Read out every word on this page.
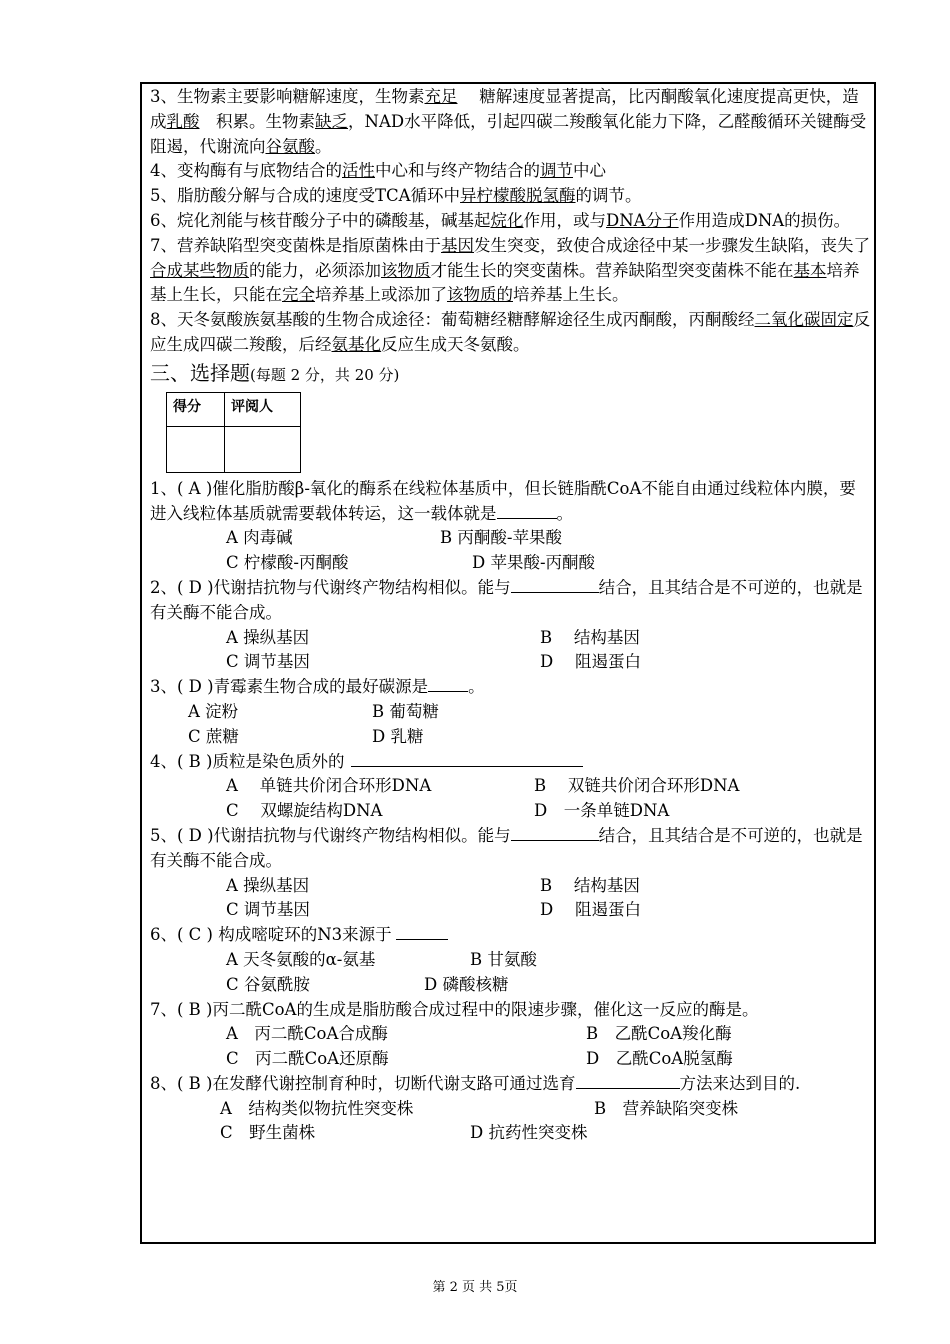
3、生物素主要影响糖解速度，生物素充足　 糖解速度显著提高，比丙酮酸氧化速度提高更快，造成乳酸　积累。生物素缺乏，NAD水平降低，引起四碳二羧酸氧化能力下降，乙醛酸循环关键酶受阻遏，代谢流向谷氨酸。

4、变构酶有与底物结合的活性中心和与终产物结合的调节中心

5、脂肪酸分解与合成的速度受TCA循环中异柠檬酸脱氢酶的调节。

6、烷化剂能与核苷酸分子中的磷酸基，碱基起烷化作用，或与DNA分子作用造成DNA的损伤。

7、营养缺陷型突变菌株是指原菌株由于基因发生突变，致使合成途径中某一步骤发生缺陷，丧失了合成某些物质的能力，必须添加该物质才能生长的突变菌株。营养缺陷型突变菌株不能在基本培养基上生长，只能在完全培养基上或添加了该物质的培养基上生长。

8、天冬氨酸族氨基酸的生物合成途径：葡萄糖经糖酵解途径生成丙酮酸，丙酮酸经二氧化碳固定反应生成四碳二羧酸，后经氨基化反应生成天冬氨酸。

三、选择题(每题 2 分，共 20 分)
得分	评阅人

1、( A )催化脂肪酸β-氧化的酶系在线粒体基质中，但长链脂酰CoA不能自由通过线粒体内膜，要进入线粒体基质就需要载体转运，这一载体就是	。

A 肉毒碱	B 丙酮酸-苹果酸
C 柠檬酸-丙酮酸	D 苹果酸-丙酮酸

2、( D )代谢拮抗物与代谢终产物结构相似。能与	结合，且其结合是不可逆的，也就是有关酶不能合成。

A 操纵基因	B　 结构基因
C 调节基因	D　 阻遏蛋白

3、( D )青霉素生物合成的最好碳源是 。

A 淀粉	B 葡萄糖
C 蔗糖	D 乳糖

4、( B )质粒是染色质外的

A　 单链共价闭合环形DNA	B　 双链共价闭合环形DNA
C　 双螺旋结构DNA	D　一条单链DNA

5、( D )代谢拮抗物与代谢终产物结构相似。能与	结合，且其结合是不可逆的，也就是有关酶不能合成。

A 操纵基因	B　 结构基因
C 调节基因	D　 阻遏蛋白

6、( C ) 构成嘧啶环的N3来源于

A 天冬氨酸的α-氨基	B 甘氨酸
C 谷氨酰胺	D 磷酸核糖

7、( B )丙二酰CoA的生成是脂肪酸合成过程中的限速步骤，催化这一反应的酶是。

A　丙二酰CoA合成酶	B　乙酰CoA羧化酶
C　丙二酰CoA还原酶	D　乙酰CoA脱氢酶

8、( B )在发酵代谢控制育种时，切断代谢支路可通过选育	方法来达到目的.

A　结构类似物抗性突变株	B　营养缺陷突变株
C　野生菌株	D 抗药性突变株
第 2 页 共 5页
